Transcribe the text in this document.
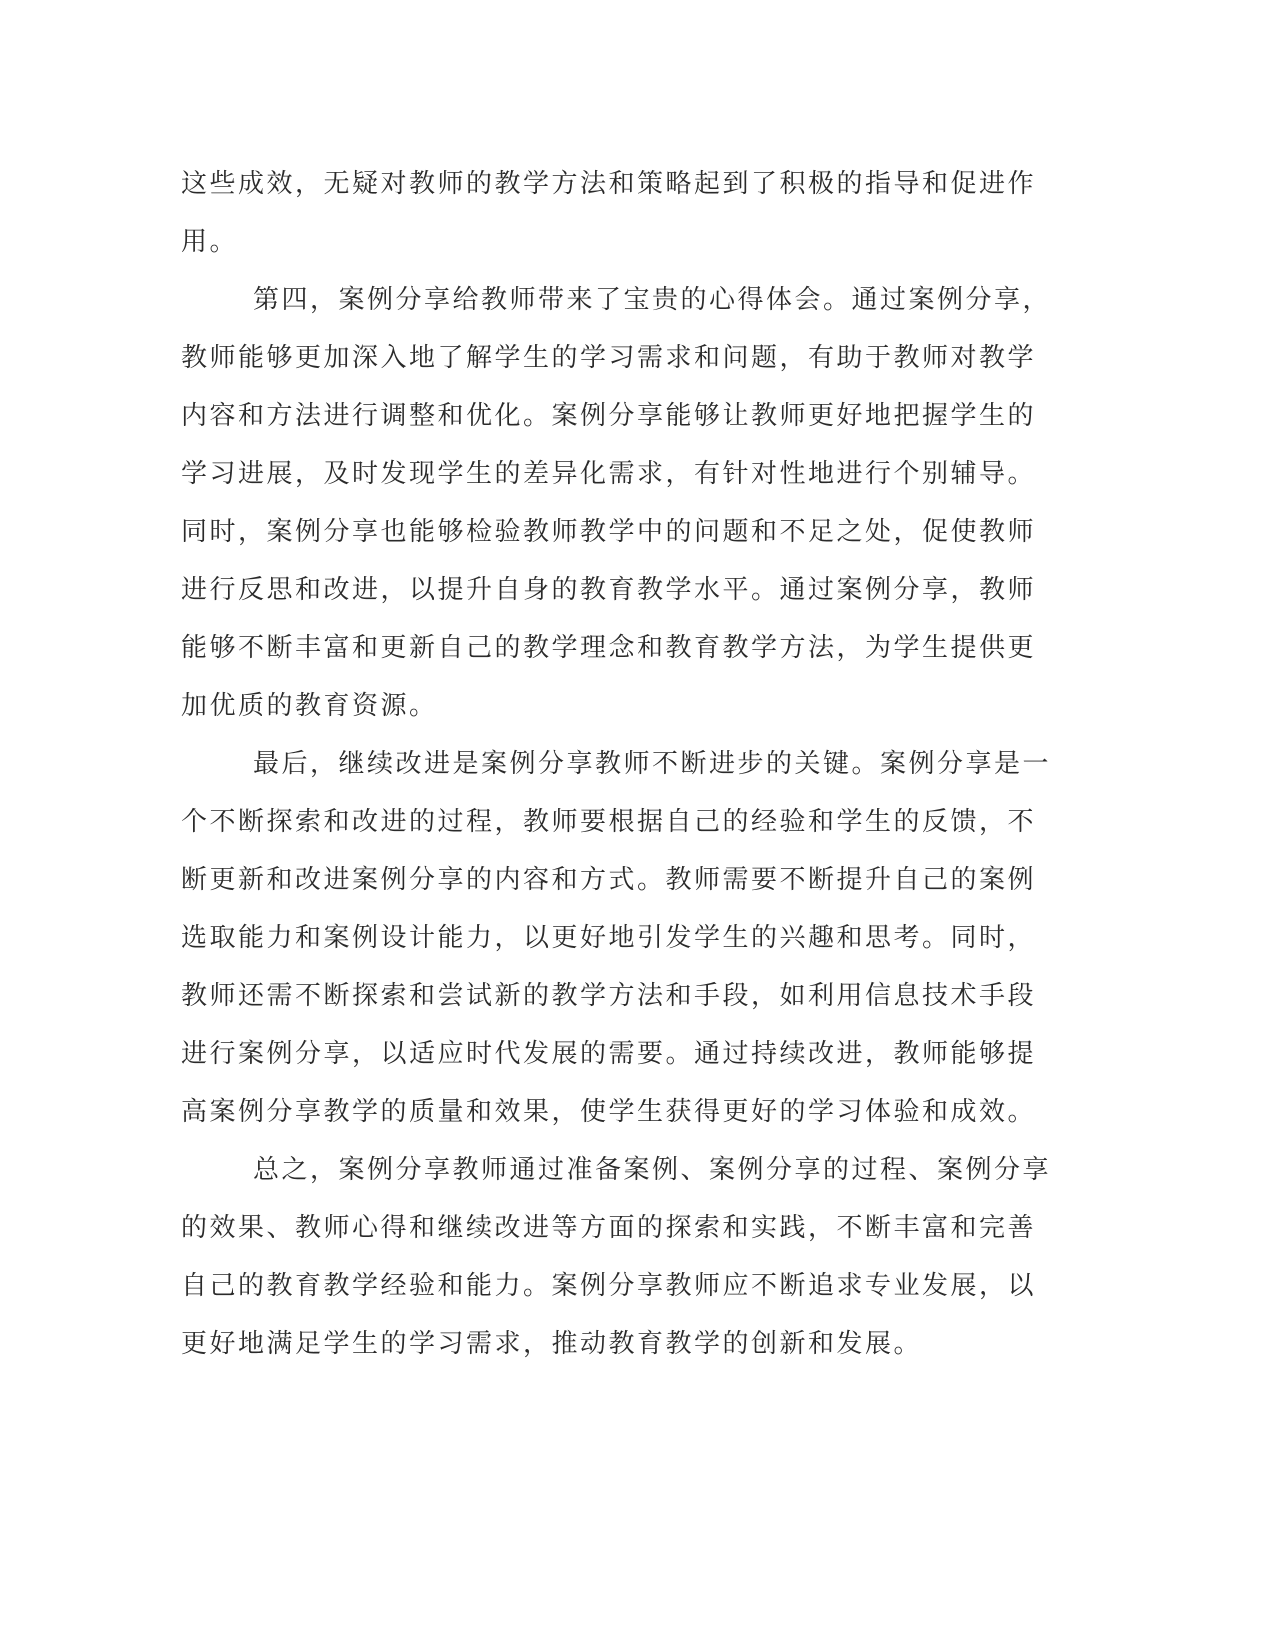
这些成效，无疑对教师的教学方法和策略起到了积极的指导和促进作
用。
第四，案例分享给教师带来了宝贵的心得体会。通过案例分享，
教师能够更加深入地了解学生的学习需求和问题，有助于教师对教学
内容和方法进行调整和优化。案例分享能够让教师更好地把握学生的
学习进展，及时发现学生的差异化需求，有针对性地进行个别辅导。
同时，案例分享也能够检验教师教学中的问题和不足之处，促使教师
进行反思和改进，以提升自身的教育教学水平。通过案例分享，教师
能够不断丰富和更新自己的教学理念和教育教学方法，为学生提供更
加优质的教育资源。
最后，继续改进是案例分享教师不断进步的关键。案例分享是一
个不断探索和改进的过程，教师要根据自己的经验和学生的反馈，不
断更新和改进案例分享的内容和方式。教师需要不断提升自己的案例
选取能力和案例设计能力，以更好地引发学生的兴趣和思考。同时，
教师还需不断探索和尝试新的教学方法和手段，如利用信息技术手段
进行案例分享，以适应时代发展的需要。通过持续改进，教师能够提
高案例分享教学的质量和效果，使学生获得更好的学习体验和成效。
总之，案例分享教师通过准备案例、案例分享的过程、案例分享
的效果、教师心得和继续改进等方面的探索和实践，不断丰富和完善
自己的教育教学经验和能力。案例分享教师应不断追求专业发展，以
更好地满足学生的学习需求，推动教育教学的创新和发展。
